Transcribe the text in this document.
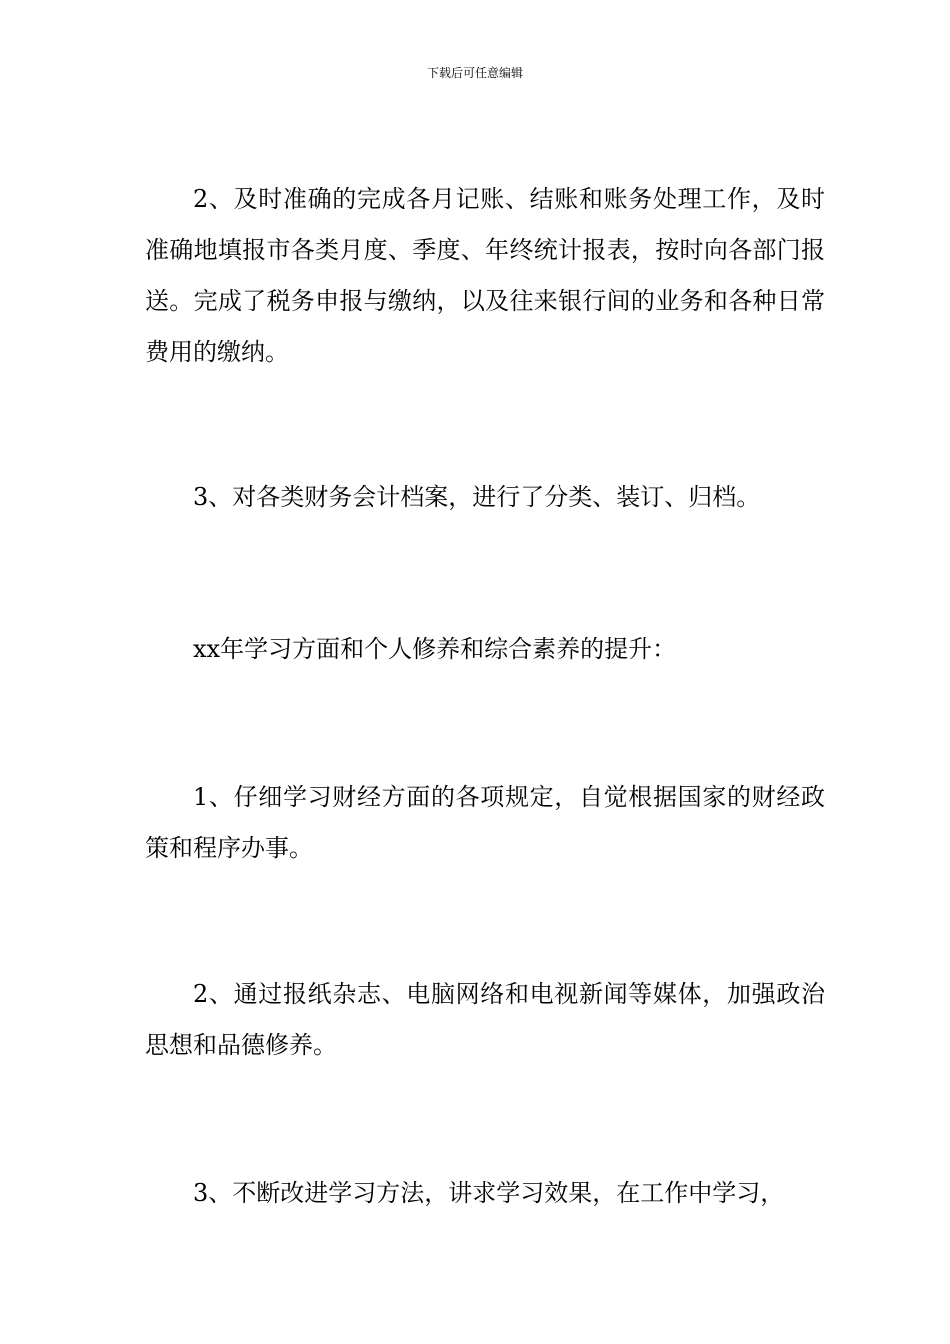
下载后可任意编辑

2、及时准确的完成各月记账、结账和账务处理工作，及时准确地填报市各类月度、季度、年终统计报表，按时向各部门报送。完成了税务申报与缴纳，以及往来银行间的业务和各种日常费用的缴纳。

3、对各类财务会计档案，进行了分类、装订、归档。

xx年学习方面和个人修养和综合素养的提升：

1、仔细学习财经方面的各项规定，自觉根据国家的财经政策和程序办事。

2、通过报纸杂志、电脑网络和电视新闻等媒体，加强政治思想和品德修养。

3、不断改进学习方法，讲求学习效果，在工作中学习，
